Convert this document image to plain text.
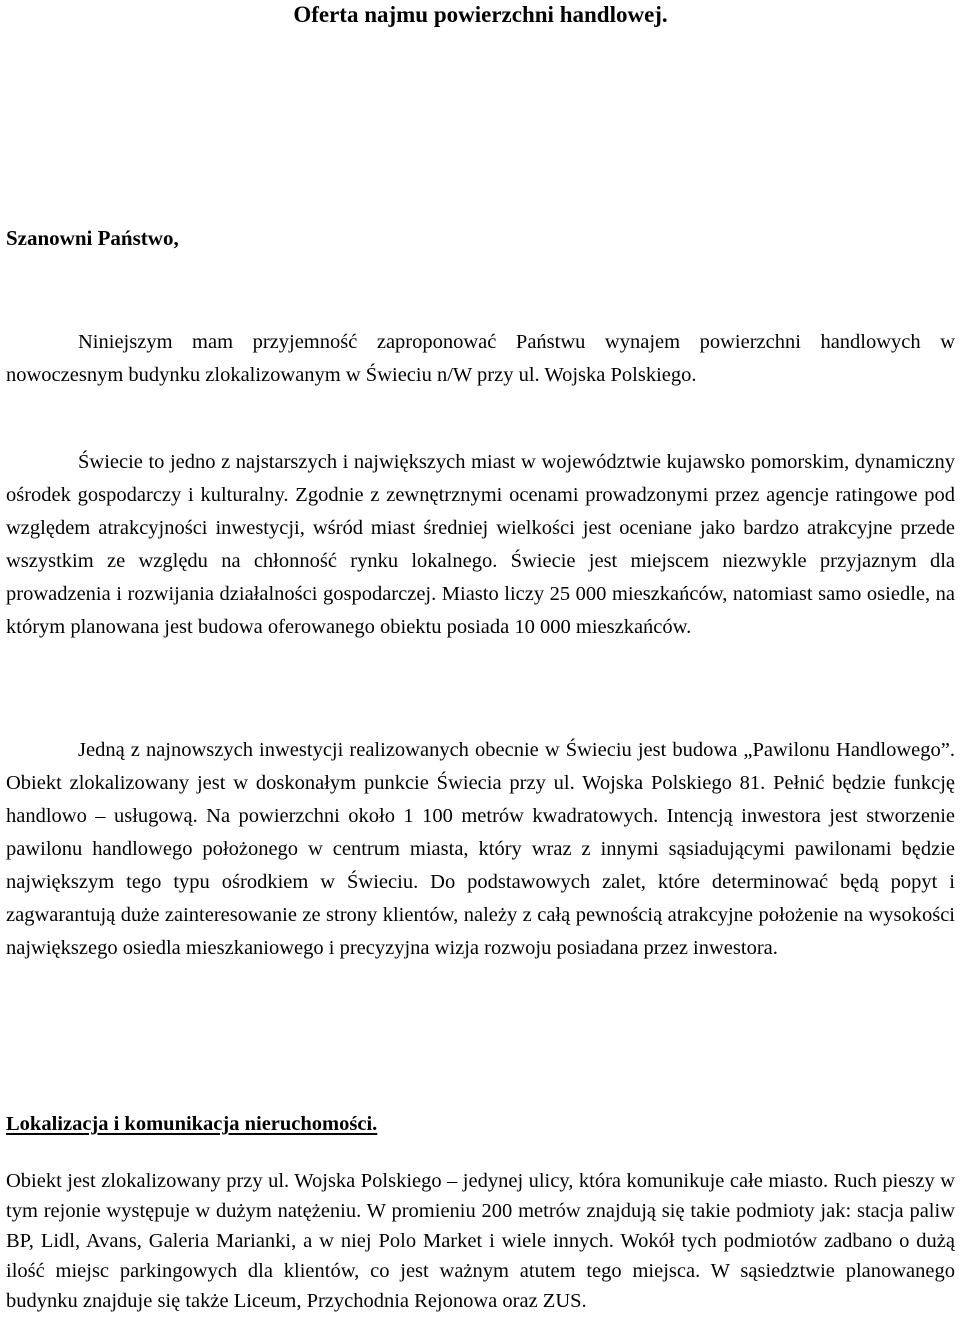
Oferta najmu powierzchni handlowej.
Szanowni Państwo,

Niniejszym mam przyjemność zaproponować Państwu wynajem powierzchni handlowych w nowoczesnym budynku zlokalizowanym w Świeciu n/W przy ul. Wojska Polskiego.

Świecie to jedno z najstarszych i największych miast w województwie kujawsko pomorskim, dynamiczny ośrodek gospodarczy i kulturalny. Zgodnie z zewnętrznymi ocenami prowadzonymi przez agencje ratingowe pod względem atrakcyjności inwestycji, wśród miast średniej wielkości jest oceniane jako bardzo atrakcyjne przede wszystkim ze względu na chłonność rynku lokalnego. Świecie jest miejscem niezwykle przyjaznym dla prowadzenia i rozwijania działalności gospodarczej. Miasto liczy 25 000 mieszkańców, natomiast samo osiedle, na którym planowana jest budowa oferowanego obiektu posiada 10 000 mieszkańców.

Jedną z najnowszych inwestycji realizowanych obecnie w Świeciu jest budowa „Pawilonu Handlowego”. Obiekt zlokalizowany jest w doskonałym punkcie Świecia przy ul. Wojska Polskiego 81. Pełnić będzie funkcję handlowo – usługową. Na powierzchni około 1 100 metrów kwadratowych. Intencją inwestora jest stworzenie pawilonu handlowego położonego w centrum miasta, który wraz z innymi sąsiadującymi pawilonami będzie największym tego typu ośrodkiem w Świeciu. Do podstawowych zalet, które determinować będą popyt i zagwarantują duże zainteresowanie ze strony klientów, należy z całą pewnością atrakcyjne położenie na wysokości największego osiedla mieszkaniowego i precyzyjna wizja rozwoju posiadana przez inwestora.

Lokalizacja i komunikacja nieruchomości.

Obiekt jest zlokalizowany przy ul. Wojska Polskiego – jedynej ulicy, która komunikuje całe miasto. Ruch pieszy w tym rejonie występuje w dużym natężeniu. W promieniu 200 metrów znajdują się takie podmioty jak: stacja paliw BP, Lidl, Avans, Galeria Marianki, a w niej Polo Market i wiele innych. Wokół tych podmiotów zadbano o dużą ilość miejsc parkingowych dla klientów, co jest ważnym atutem tego miejsca. W sąsiedztwie planowanego budynku znajduje się także Liceum, Przychodnia Rejonowa oraz ZUS.
